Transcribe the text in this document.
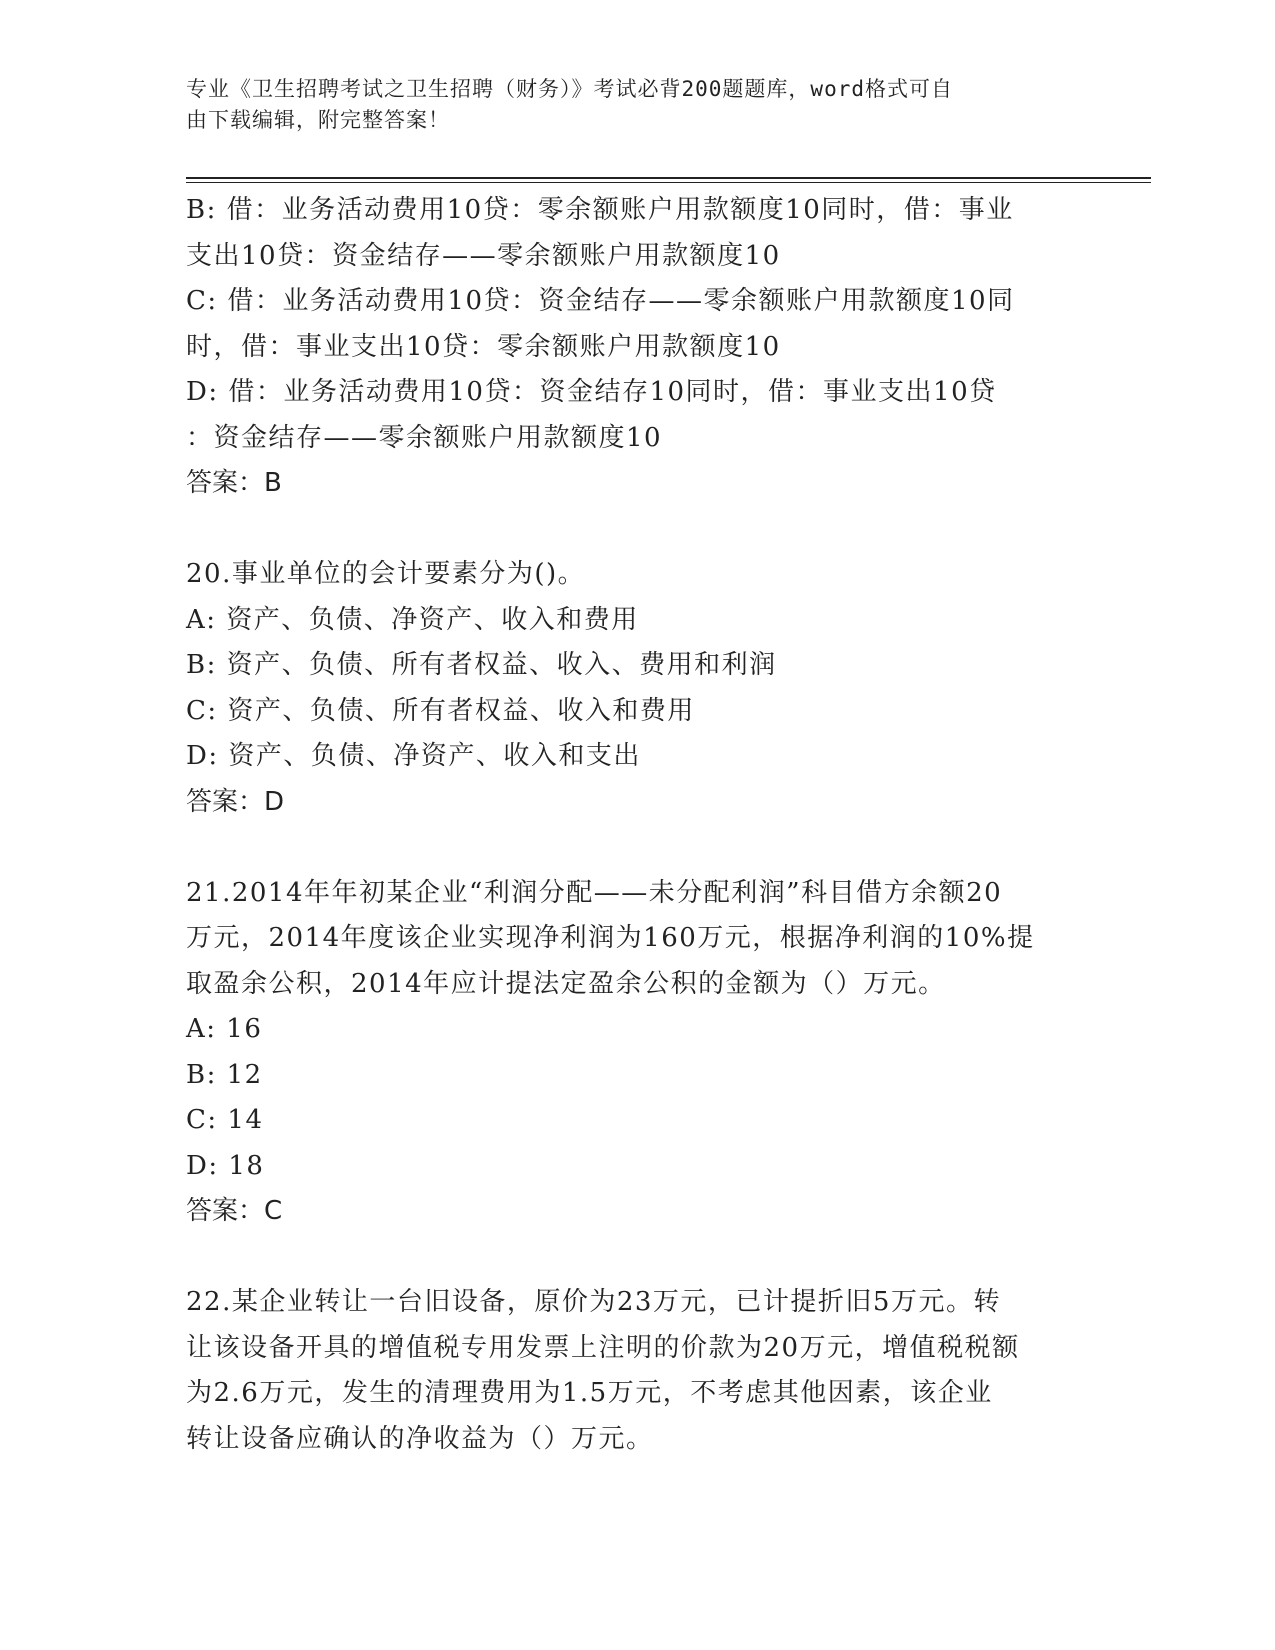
专业《卫生招聘考试之卫生招聘（财务）》考试必背200题题库，word格式可自
由下载编辑，附完整答案！
B: 借：业务活动费用10贷：零余额账户用款额度10同时，借：事业
支出10贷：资金结存——零余额账户用款额度10
C: 借：业务活动费用10贷：资金结存——零余额账户用款额度10同
时，借：事业支出10贷：零余额账户用款额度10
D: 借：业务活动费用10贷：资金结存10同时，借：事业支出10贷
：资金结存——零余额账户用款额度10
答案：B
20.事业单位的会计要素分为()。
A: 资产、负债、净资产、收入和费用
B: 资产、负债、所有者权益、收入、费用和利润
C: 资产、负债、所有者权益、收入和费用
D: 资产、负债、净资产、收入和支出
答案：D
21.2014年年初某企业“利润分配——未分配利润”科目借方余额20
万元，2014年度该企业实现净利润为160万元，根据净利润的10%提
取盈余公积，2014年应计提法定盈余公积的金额为（）万元。
A: 16
B: 12
C: 14
D: 18
答案：C
22.某企业转让一台旧设备，原价为23万元，已计提折旧5万元。转
让该设备开具的增值税专用发票上注明的价款为20万元，增值税税额
为2.6万元，发生的清理费用为1.5万元，不考虑其他因素，该企业
转让设备应确认的净收益为（）万元。
